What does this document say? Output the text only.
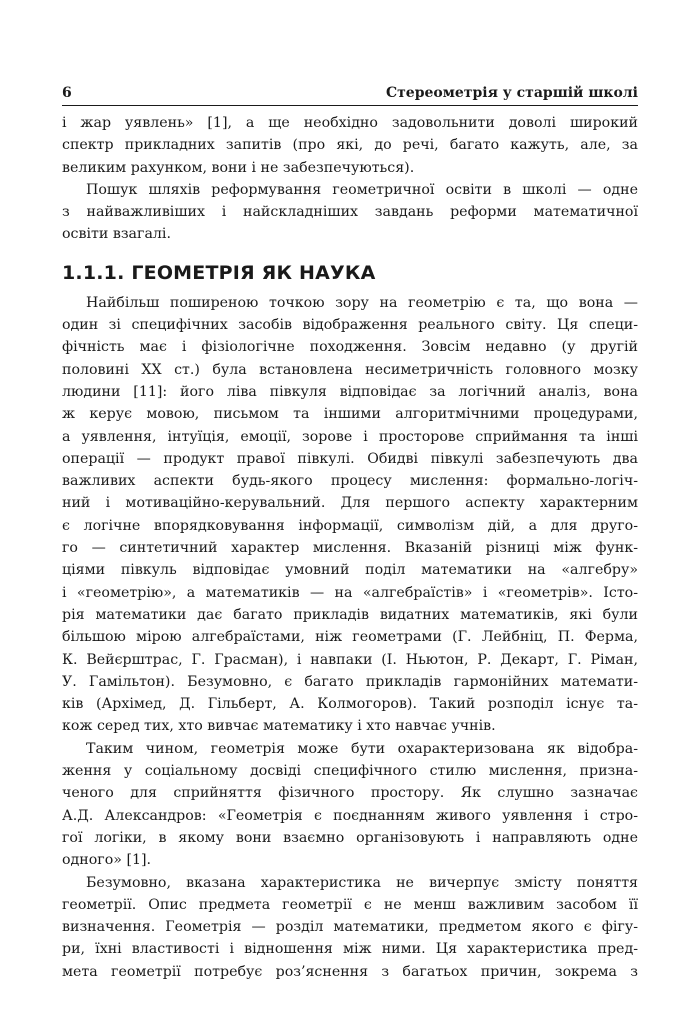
6	Стереометрія у старшій школі
і жар уявлень» [1], а ще необхідно задовольнити доволі широкий
спектр прикладних запитів (про які, до речі, багато кажуть, але, за
великим рахунком, вони і не забезпечуються).
Пошук шляхів реформування геометричної освіти в школі — одне
з найважливіших і найскладніших завдань реформи математичної
освіти взагалі.
1.1.1. ГЕОМЕТРІЯ ЯК НАУКА
Найбільш поширеною точкою зору на геометрію є та, що вона —
один зі специфічних засобів відображення реального світу. Ця специ-
фічність має і фізіологічне походження. Зовсім недавно (у другій
половині XX ст.) була встановлена несиметричність головного мозку
людини [11]: його ліва півкуля відповідає за логічний аналіз, вона
ж керує мовою, письмом та іншими алгоритмічними процедурами,
а уявлення, інтуїція, емоції, зорове і просторове сприймання та інші
операції — продукт правої півкулі. Обидві півкулі забезпечують два
важливих аспекти будь-якого процесу мислення: формально-логіч-
ний і мотиваційно-керувальний. Для першого аспекту характерним
є логічне впорядковування інформації, символізм дій, а для друго-
го — синтетичний характер мислення. Вказаній різниці між функ-
ціями півкуль відповідає умовний поділ математики на «алгебру»
і «геометрію», а математиків — на «алгебраїстів» і «геометрів». Істо-
рія математики дає багато прикладів видатних математиків, які були
більшою мірою алгебраїстами, ніж геометрами (Г. Лейбніц, П. Ферма,
К. Вейєрштрас, Г. Грасман), і навпаки (І. Ньютон, Р. Декарт, Г. Ріман,
У. Гамільтон). Безумовно, є багато прикладів гармонійних математи-
ків (Архімед, Д. Гільберт, А. Колмогоров). Такий розподіл існує та-
кож серед тих, хто вивчає математику і хто навчає учнів.
Таким чином, геометрія може бути охарактеризована як відобра-
ження у соціальному досвіді специфічного стилю мислення, призна-
ченого для сприйняття фізичного простору. Як слушно зазначає
А.Д. Александров: «Геометрія є поєднанням живого уявлення і стро-
гої логіки, в якому вони взаємно організовують і направляють одне
одного» [1].
Безумовно, вказана характеристика не вичерпує змісту поняття
геометрії. Опис предмета геометрії є не менш важливим засобом її
визначення. Геометрія — розділ математики, предметом якого є фігу-
ри, їхні властивості і відношення між ними. Ця характеристика пред-
мета геометрії потребує роз’яснення з багатьох причин, зокрема з
